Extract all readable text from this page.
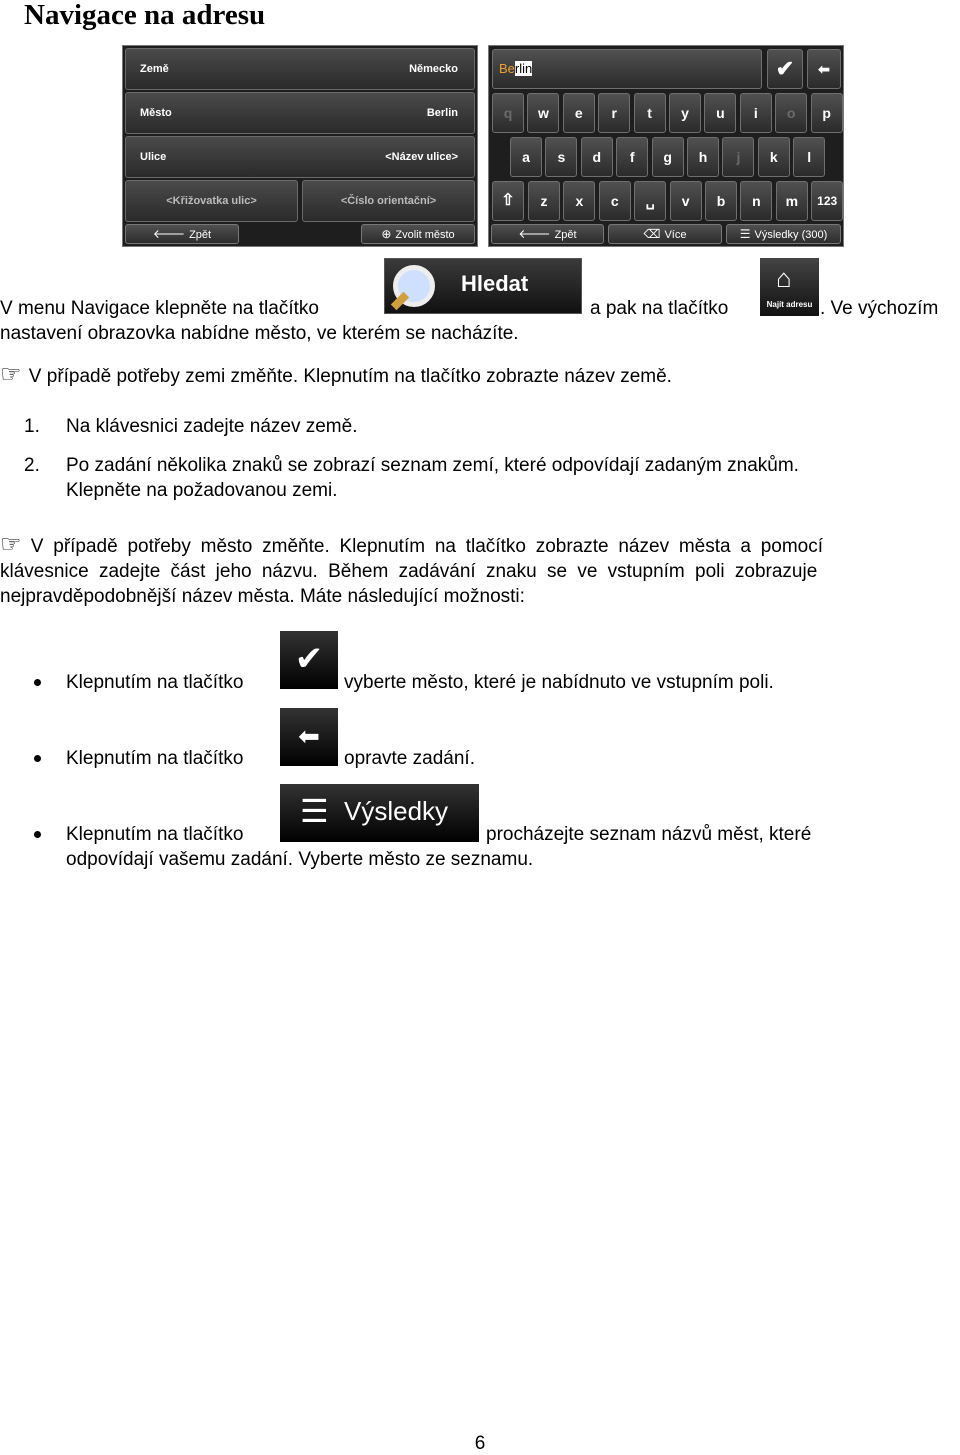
Navigace na adresu
Země	Německo
Město	Berlin
Ulice	<Název ulice>
<Křižovatka ulic>	<Číslo orientační>
🡐 Zpět	⊕ Zvolit město
Berlin	✔	⬅
⇧
🡐 Zpět	⌫ Více	☰ Výsledky (300)
q	w	e	r	t	y	u	i	o	p
a	s	d	f	g	h	j	k	l
z	x	c	␣	v	b	n	m	123
V menu Navigace klepněte na tlačítko
Hledat
a pak na tlačítko
⌂
Najít adresu . Ve výchozím
nastavení obrazovka nabídne město, ve kterém se nacházíte.
☞ V případě potřeby zemi změňte. Klepnutím na tlačítko zobrazte název země.
1. Na klávesnici zadejte název země.
2. Po zadání několika znaků se zobrazí seznam zemí, které odpovídají zadaným znakům.
Klepněte na požadovanou zemi.
☞ V případě potřeby město změňte. Klepnutím na tlačítko zobrazte název města a pomocí
klávesnice zadejte část jeho názvu. Během zadávání znaku se ve vstupním poli zobrazuje
nejpravděpodobnější název města. Máte následující možnosti:
Klepnutím na tlačítko
✔
vyberte město, které je nabídnuto ve vstupním poli.
Klepnutím na tlačítko
⬅
opravte zadání.
Klepnutím na tlačítko
☰ Výsledky
procházejte seznam názvů měst, které
odpovídají vašemu zadání. Vyberte město ze seznamu.
6
